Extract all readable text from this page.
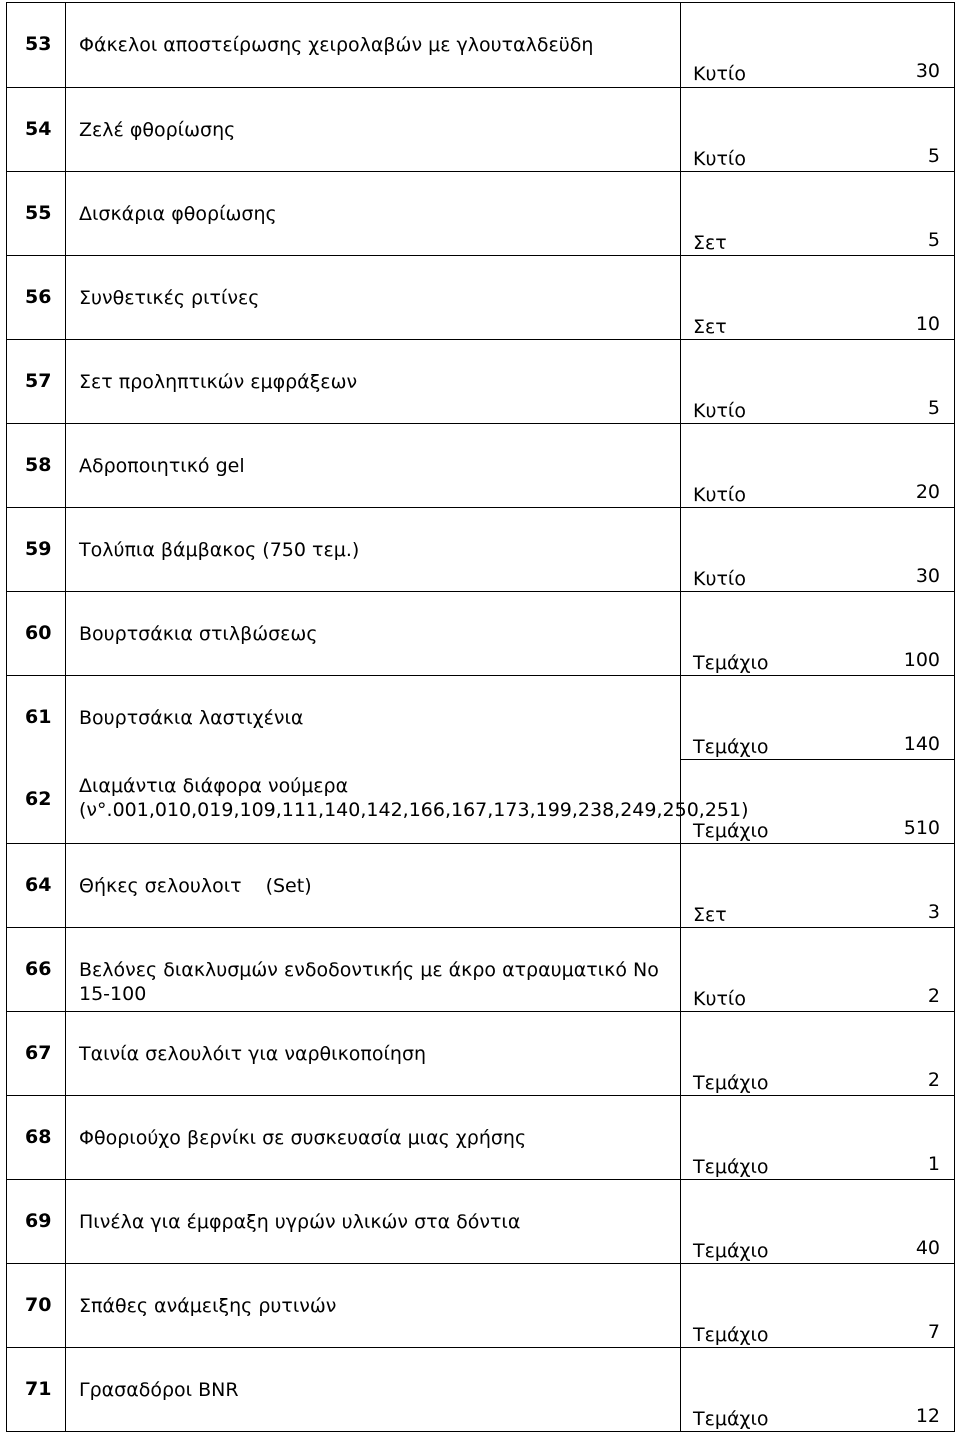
53	Φάκελοι αποστείρωσης χειρολαβών με γλουταλδεϋδη	Κυτίο 30

54	Ζελέ φθορίωσης	Κυτίο 5

55	Δισκάρια φθορίωσης	Σετ 5

56	Συνθετικές ριτίνες	Σετ 10

57	Σετ προληπτικών εμφράξεων	Κυτίο 5

58	Αδροποιητικό gel	Κυτίο 20

59	Τολύπια βάμβακος (750 τεμ.)	Κυτίο 30

60	Βουρτσάκια στιλβώσεως	Τεμάχιο 100

61	Βουρτσάκια λαστιχένια	Τεμάχιο 140

62	Διαμάντια διάφορα νούμερα
(ν°.001,010,019,109,111,140,142,166,167,173,199,238,249,250,251)	Τεμάχιο 510

64	Θήκες σελουλοιτ (Set)	Σετ 3

66	Βελόνες διακλυσμών ενδοδοντικής με άκρο ατραυματικό Νο 15-100	Κυτίο 2

67	Ταινία σελουλόιτ για ναρθικοποίηση	Τεμάχιο 2

68	Φθοριούχο βερνίκι σε συσκευασία μιας χρήσης	Τεμάχιο 1

69	Πινέλα για έμφραξη υγρών υλικών στα δόντια	Τεμάχιο 40

70	Σπάθες ανάμειξης ρυτινών	Τεμάχιο 7

71	Γρασαδόροι BNR	Τεμάχιο 12
